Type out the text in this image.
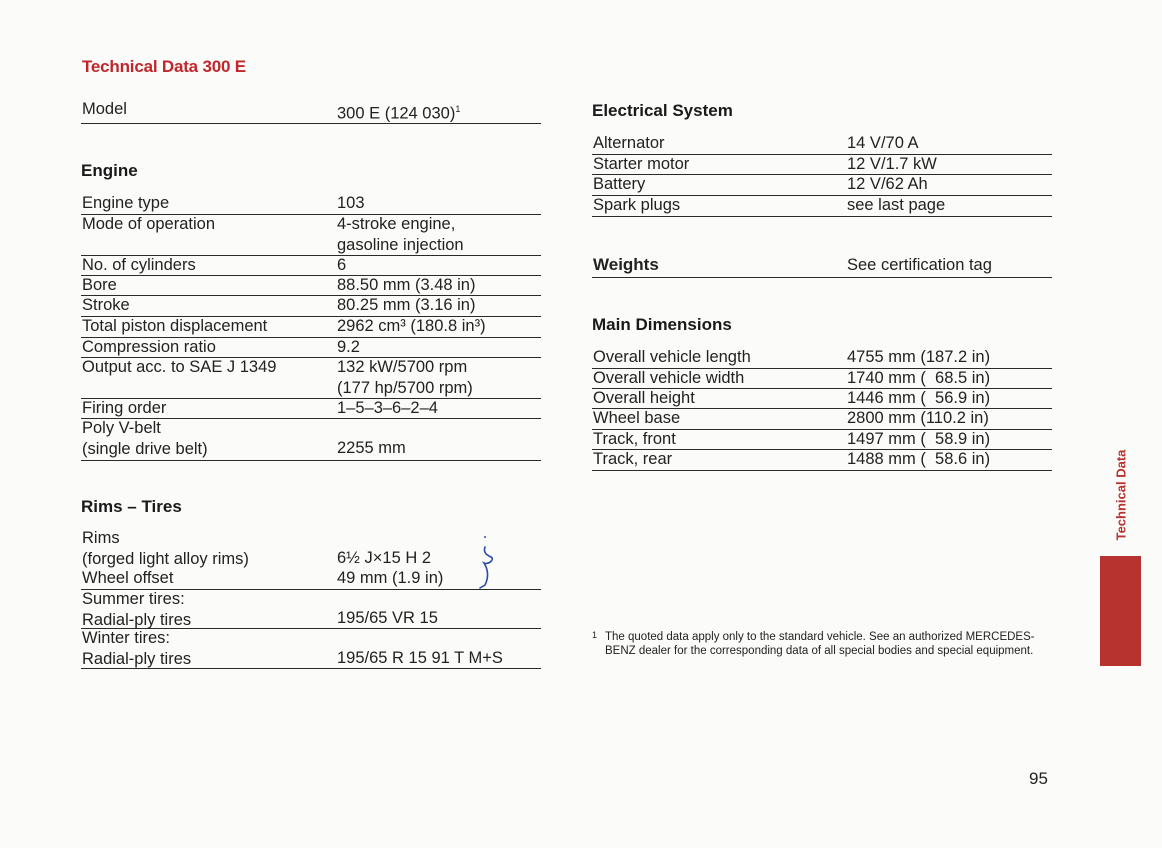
Technical Data 300 E
Model	300 E (124 030)$^1$
Engine
Engine type	103
Mode of operation	4-stroke engine,
gasoline injection
No. of cylinders	6
Bore	88.50 mm (3.48 in)
Stroke	80.25 mm (3.16 in)
Total piston displacement	2962 cm³ (180.8 in³)
Compression ratio	9.2
Output acc. to SAE J 1349	132 kW/5700 rpm
(177 hp/5700 rpm)
Firing order	1–5–3–6–2–4
Poly V-belt
(single drive belt)	2255 mm
Rims – Tires
Rims
(forged light alloy rims)	6½ J×15 H 2
Wheel offset	49 mm (1.9 in)
Summer tires:
Radial-ply tires	195/65 VR 15
Winter tires:
Radial-ply tires	195/65 R 15 91 T M+S
Electrical System
Alternator	14 V/70 A
Starter motor	12 V/1.7 kW
Battery	12 V/62 Ah
Spark plugs	see last page
Weights	See certification tag
Main Dimensions
Overall vehicle length	4755 mm (187.2 in)
Overall vehicle width	1740 mm (  68.5 in)
Overall height	1446 mm (  56.9 in)
Wheel base	2800 mm (110.2 in)
Track, front	1497 mm (  58.9 in)
Track, rear	1488 mm (  58.6 in)
1 The quoted data apply only to the standard vehicle. See an authorized MERCEDES-BENZ dealer for the corresponding data of all special bodies and special equipment.
Technical Data
95
